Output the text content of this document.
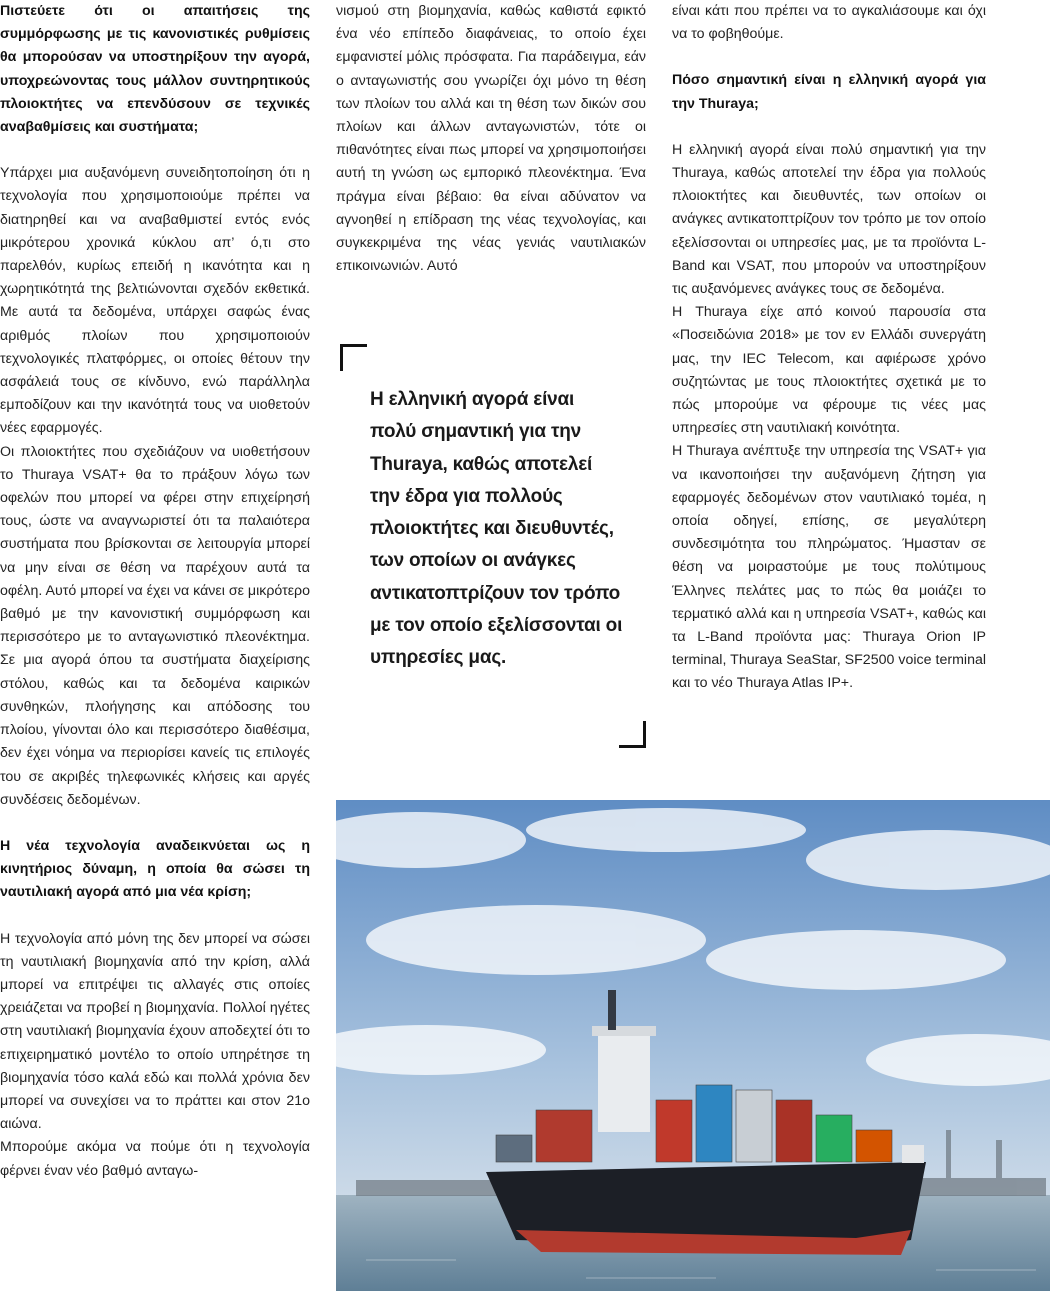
Πιστεύετε ότι οι απαιτήσεις της συμμόρφωσης με τις κανονιστικές ρυθμίσεις θα μπορούσαν να υποστηρίξουν την αγορά, υποχρεώνοντας τους μάλλον συντηρητικούς πλοιοκτήτες να επενδύσουν σε τεχνικές αναβαθμίσεις και συστήματα;

Υπάρχει μια αυξανόμενη συνειδητοποίηση ότι η τεχνολογία που χρησιμοποιούμε πρέπει να διατηρηθεί και να αναβαθμιστεί εντός ενός μικρότερου χρονικά κύκλου απ’ ό,τι στο παρελθόν, κυρίως επειδή η ικανότητα και η χωρητικότητά της βελτιώνονται σχεδόν εκθετικά. Με αυτά τα δεδομένα, υπάρχει σαφώς ένας αριθμός πλοίων που χρησιμοποιούν τεχνολογικές πλατφόρμες, οι οποίες θέτουν την ασφάλειά τους σε κίνδυνο, ενώ παράλληλα εμποδίζουν και την ικανότητά τους να υιοθετούν νέες εφαρμογές.

Οι πλοιοκτήτες που σχεδιάζουν να υιοθετήσουν το Thuraya VSAT+ θα το πράξουν λόγω των οφελών που μπορεί να φέρει στην επιχείρησή τους, ώστε να αναγνωριστεί ότι τα παλαιότερα συστήματα που βρίσκονται σε λειτουργία μπορεί να μην είναι σε θέση να παρέχουν αυτά τα οφέλη. Αυτό μπορεί να έχει να κάνει σε μικρότερο βαθμό με την κανονιστική συμμόρφωση και περισσότερο με το ανταγωνιστικό πλεονέκτημα. Σε μια αγορά όπου τα συστήματα διαχείρισης στόλου, καθώς και τα δεδομένα καιρικών συνθηκών, πλοήγησης και απόδοσης του πλοίου, γίνονται όλο και περισσότερο διαθέσιμα, δεν έχει νόημα να περιορίσει κανείς τις επιλογές του σε ακριβές τηλεφωνικές κλήσεις και αργές συνδέσεις δεδομένων.

Η νέα τεχνολογία αναδεικνύεται ως η κινητήριος δύναμη, η οποία θα σώσει τη ναυτιλιακή αγορά από μια νέα κρίση;

Η τεχνολογία από μόνη της δεν μπορεί να σώσει τη ναυτιλιακή βιομηχανία από την κρίση, αλλά μπορεί να επιτρέψει τις αλλαγές στις οποίες χρειάζεται να προβεί η βιομηχανία. Πολλοί ηγέτες στη ναυτιλιακή βιομηχανία έχουν αποδεχτεί ότι το επιχειρηματικό μοντέλο το οποίο υπηρέτησε τη βιομηχανία τόσο καλά εδώ και πολλά χρόνια δεν μπορεί να συνεχίσει να το πράττει και στον 21ο αιώνα.

Μπορούμε ακόμα να πούμε ότι η τεχνολογία φέρνει έναν νέο βαθμό ανταγω-

νισμού στη βιομηχανία, καθώς καθιστά εφικτό ένα νέο επίπεδο διαφάνειας, το οποίο έχει εμφανιστεί μόλις πρόσφατα. Για παράδειγμα, εάν ο ανταγωνιστής σου γνωρίζει όχι μόνο τη θέση των πλοίων του αλλά και τη θέση των δικών σου πλοίων και άλλων ανταγωνιστών, τότε οι πιθανότητες είναι πως μπορεί να χρησιμοποιήσει αυτή τη γνώση ως εμπορικό πλεονέκτημα. Ένα πράγμα είναι βέβαιο: θα είναι αδύνατον να αγνοηθεί η επίδραση της νέας τεχνολογίας, και συγκεκριμένα της νέας γενιάς ναυτιλιακών επικοινωνιών. Αυτό

Η ελληνική αγορά είναι πολύ σημαντική για την Thuraya, καθώς αποτελεί την έδρα για πολλούς πλοιοκτήτες και διευθυντές, των οποίων οι ανάγκες αντικατοπτρίζουν τον τρόπο με τον οποίο εξελίσσονται οι υπηρεσίες μας.

είναι κάτι που πρέπει να το αγκαλιάσουμε και όχι να το φοβηθούμε.

Πόσο σημαντική είναι η ελληνική αγορά για την Thuraya;

Η ελληνική αγορά είναι πολύ σημαντική για την Thuraya, καθώς αποτελεί την έδρα για πολλούς πλοιοκτήτες και διευθυντές, των οποίων οι ανάγκες αντικατοπτρίζουν τον τρόπο με τον οποίο εξελίσσονται οι υπηρεσίες μας, με τα προϊόντα L-Band και VSAT, που μπορούν να υποστηρίξουν τις αυξανόμενες ανάγκες τους σε δεδομένα.

Η Thuraya είχε από κοινού παρουσία στα «Ποσειδώνια 2018» με τον εν Ελλάδι συνεργάτη μας, την IEC Telecom, και αφιέρωσε χρόνο συζητώντας με τους πλοιοκτήτες σχετικά με το πώς μπορούμε να φέρουμε τις νέες μας υπηρεσίες στη ναυτιλιακή κοινότητα.

Η Thuraya ανέπτυξε την υπηρεσία της VSAT+ για να ικανοποιήσει την αυξανόμενη ζήτηση για εφαρμογές δεδομένων στον ναυτιλιακό τομέα, η οποία οδηγεί, επίσης, σε μεγαλύτερη συνδεσιμότητα του πληρώματος. Ήμασταν σε θέση να μοιραστούμε με τους πολύτιμους Έλληνες πελάτες μας το πώς θα μοιάζει το τερματικό αλλά και η υπηρεσία VSAT+, καθώς και τα L-Band προϊόντα μας: Thuraya Orion IP terminal, Thuraya SeaStar, SF2500 voice terminal και το νέο Thuraya Atlas IP+.
